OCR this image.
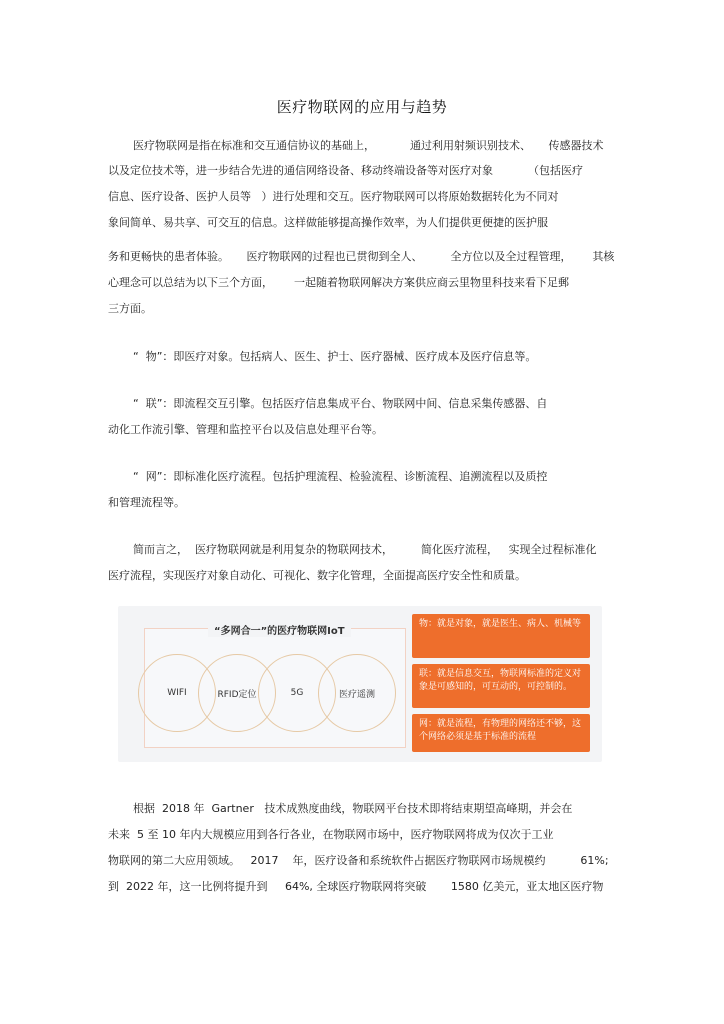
医疗物联网的应用与趋势
医疗物联网是指在标准和交互通信协议的基础上，          通过利用射频识别技术、     传感器技术
以及定位技术等，进一步结合先进的通信网络设备、移动终端设备等对医疗对象          （包括医疗
信息、医疗设备、医护人员等   ）进行处理和交互。医疗物联网可以将原始数据转化为不同对
象间简单、易共享、可交互的信息。这样做能够提高操作效率，为人们提供更便捷的医护服
务和更畅快的患者体验。     医疗物联网的过程也已贯彻到全人、        全方位以及全过程管理，      其核
心理念可以总结为以下三个方面，      一起随着物联网解决方案供应商云里物里科技来看下足郵
三方面。
“  物”：即医疗对象。包括病人、医生、护士、医疗器械、医疗成本及医疗信息等。
“  联”：即流程交互引擎。包括医疗信息集成平台、物联网中间、信息采集传感器、自
动化工作流引擎、管理和监控平台以及信息处理平台等。
“  网”：即标准化医疗流程。包括护理流程、检验流程、诊断流程、追溯流程以及质控
和管理流程等。
简而言之，  医疗物联网就是利用复杂的物联网技术，        简化医疗流程，   实现全过程标准化
医疗流程，实现医疗对象自动化、可视化、数字化管理，全面提高医疗安全性和质量。
“多网合一”的医疗物联网IoT
WIFI	RFID定位	5G	医疗遥测
物：就是对象，就是医生、病人、机械等
联：就是信息交互，物联网标准的定义对象是可感知的，可互动的，可控制的。
网：就是流程，有物理的网络还不够，这个网络必须是基于标准的流程
根据  2018 年  Gartner   技术成熟度曲线，物联网平台技术即将结束期望高峰期，并会在
未来  5 至 10 年内大规模应用到各行各业，在物联网市场中，医疗物联网将成为仅次于工业
物联网的第二大应用领域。   2017    年，医疗设备和系统软件占据医疗物联网市场规模约          61%;
到  2022 年，这一比例将提升到     64%, 全球医疗物联网将突破       1580 亿美元，亚太地区医疗物
